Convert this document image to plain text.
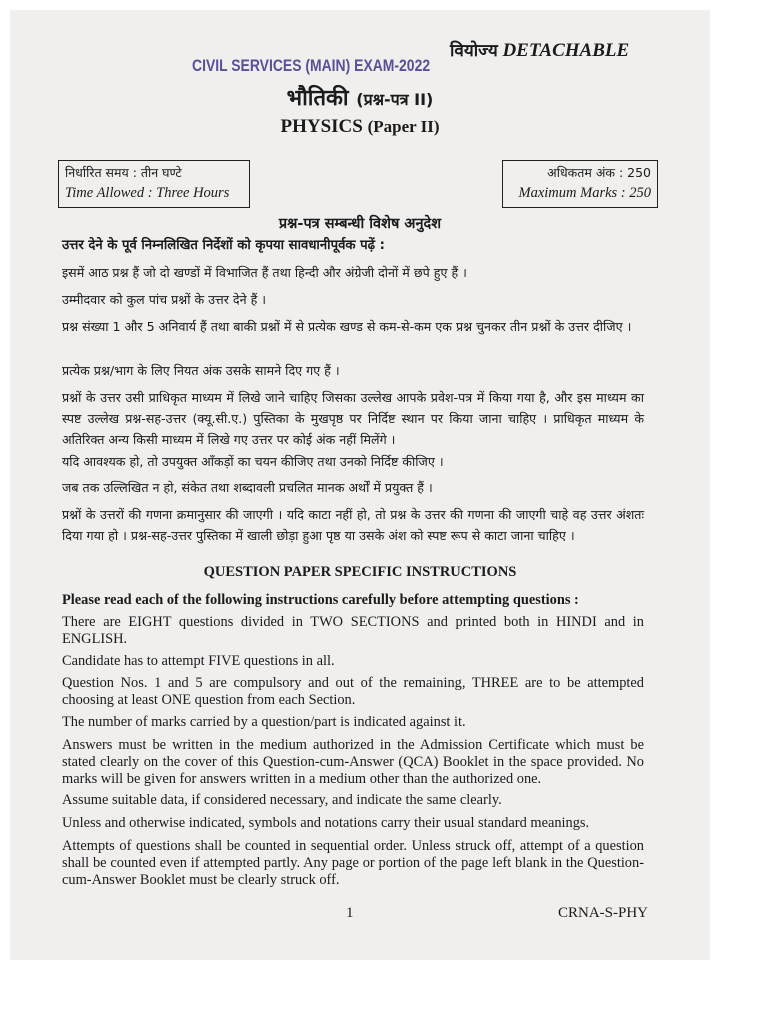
CIVIL SERVICES (MAIN) EXAM-2022
वियोज्य DETACHABLE
भौतिकी (प्रश्न-पत्र II)
PHYSICS (Paper II)
निर्धारित समय : तीन घण्टे
Time Allowed : Three Hours
अधिकतम अंक : 250
Maximum Marks : 250
प्रश्न-पत्र सम्बन्धी विशेष अनुदेश
उत्तर देने के पूर्व निम्नलिखित निर्देशों को कृपया सावधानीपूर्वक पढ़ें :
इसमें आठ प्रश्न हैं जो दो खण्डों में विभाजित हैं तथा हिन्दी और अंग्रेजी दोनों में छपे हुए हैं ।
उम्मीदवार को कुल पांच प्रश्नों के उत्तर देने हैं ।
प्रश्न संख्या 1 और 5 अनिवार्य हैं तथा बाकी प्रश्नों में से प्रत्येक खण्ड से कम-से-कम एक प्रश्न चुनकर तीन प्रश्नों के उत्तर दीजिए ।
प्रत्येक प्रश्न/भाग के लिए नियत अंक उसके सामने दिए गए हैं ।
प्रश्नों के उत्तर उसी प्राधिकृत माध्यम में लिखे जाने चाहिए जिसका उल्लेख आपके प्रवेश-पत्र में किया गया है, और इस माध्यम का स्पष्ट उल्लेख प्रश्न-सह-उत्तर (क्यू.सी.ए.) पुस्तिका के मुखपृष्ठ पर निर्दिष्ट स्थान पर किया जाना चाहिए । प्राधिकृत माध्यम के अतिरिक्त अन्य किसी माध्यम में लिखे गए उत्तर पर कोई अंक नहीं मिलेंगे ।
यदि आवश्यक हो, तो उपयुक्त आँकड़ों का चयन कीजिए तथा उनको निर्दिष्ट कीजिए ।
जब तक उल्लिखित न हो, संकेत तथा शब्दावली प्रचलित मानक अर्थों में प्रयुक्त हैं ।
प्रश्नों के उत्तरों की गणना क्रमानुसार की जाएगी । यदि काटा नहीं हो, तो प्रश्न के उत्तर की गणना की जाएगी चाहे वह उत्तर अंशतः दिया गया हो । प्रश्न-सह-उत्तर पुस्तिका में खाली छोड़ा हुआ पृष्ठ या उसके अंश को स्पष्ट रूप से काटा जाना चाहिए ।
QUESTION PAPER SPECIFIC INSTRUCTIONS
Please read each of the following instructions carefully before attempting questions :
There are EIGHT questions divided in TWO SECTIONS and printed both in HINDI and in ENGLISH.
Candidate has to attempt FIVE questions in all.
Question Nos. 1 and 5 are compulsory and out of the remaining, THREE are to be attempted choosing at least ONE question from each Section.
The number of marks carried by a question/part is indicated against it.
Answers must be written in the medium authorized in the Admission Certificate which must be stated clearly on the cover of this Question-cum-Answer (QCA) Booklet in the space provided. No marks will be given for answers written in a medium other than the authorized one.
Assume suitable data, if considered necessary, and indicate the same clearly.
Unless and otherwise indicated, symbols and notations carry their usual standard meanings.
Attempts of questions shall be counted in sequential order. Unless struck off, attempt of a question shall be counted even if attempted partly. Any page or portion of the page left blank in the Question-cum-Answer Booklet must be clearly struck off.
1	CRNA-S-PHY
